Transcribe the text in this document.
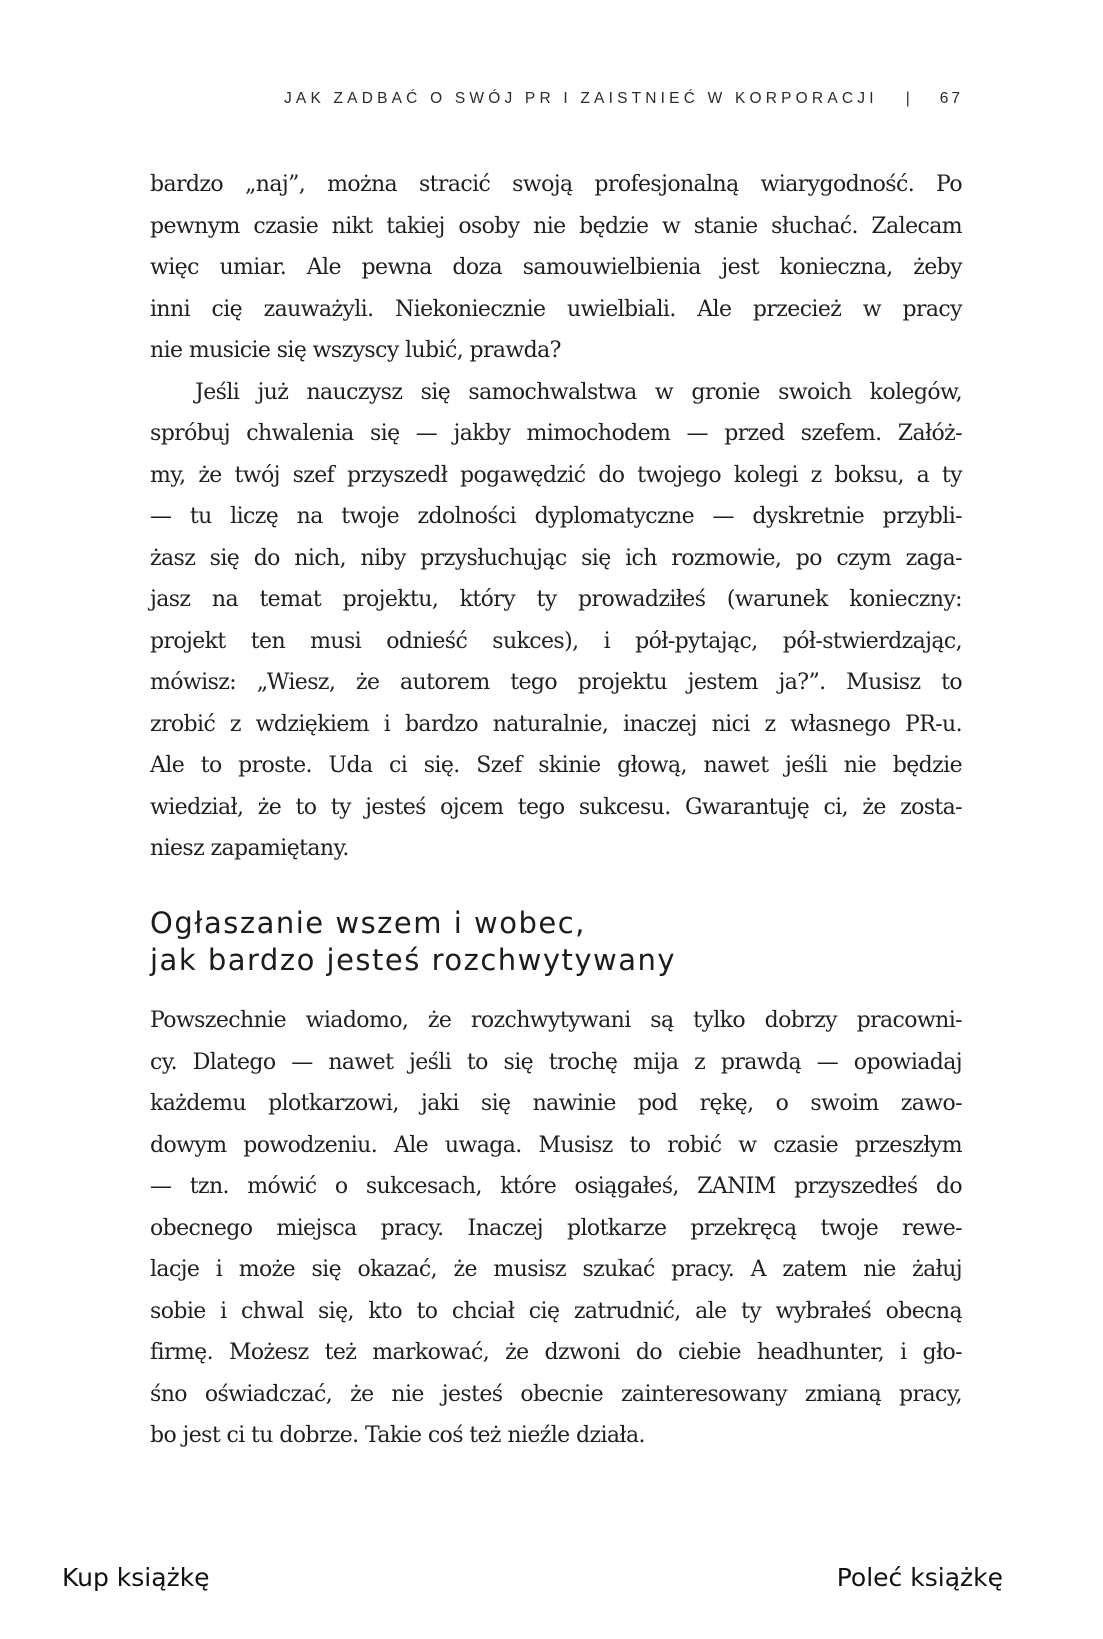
JAK ZADBAĆ O SWÓJ PR I ZAISTNIEĆ W KORPORACJI | 67
bardzo „naj”, można stracić swoją profesjonalną wiarygodność. Po
pewnym czasie nikt takiej osoby nie będzie w stanie słuchać. Zalecam
więc umiar. Ale pewna doza samouwielbienia jest konieczna, żeby
inni cię zauważyli. Niekoniecznie uwielbiali. Ale przecież w pracy
nie musicie się wszyscy lubić, prawda?
Jeśli już nauczysz się samochwalstwa w gronie swoich kolegów,
spróbuj chwalenia się — jakby mimochodem — przed szefem. Załóż-
my, że twój szef przyszedł pogawędzić do twojego kolegi z boksu, a ty
— tu liczę na twoje zdolności dyplomatyczne — dyskretnie przybli-
żasz się do nich, niby przysłuchując się ich rozmowie, po czym zaga-
jasz na temat projektu, który ty prowadziłeś (warunek konieczny:
projekt ten musi odnieść sukces), i pół-pytając, pół-stwierdzając,
mówisz: „Wiesz, że autorem tego projektu jestem ja?”. Musisz to
zrobić z wdziękiem i bardzo naturalnie, inaczej nici z własnego PR-u.
Ale to proste. Uda ci się. Szef skinie głową, nawet jeśli nie będzie
wiedział, że to ty jesteś ojcem tego sukcesu. Gwarantuję ci, że zosta-
niesz zapamiętany.
Ogłaszanie wszem i wobec,
jak bardzo jesteś rozchwytywany
Powszechnie wiadomo, że rozchwytywani są tylko dobrzy pracowni-
cy. Dlatego — nawet jeśli to się trochę mija z prawdą — opowiadaj
każdemu plotkarzowi, jaki się nawinie pod rękę, o swoim zawo-
dowym powodzeniu. Ale uwaga. Musisz to robić w czasie przeszłym
— tzn. mówić o sukcesach, które osiągałeś, ZANIM przyszedłeś do
obecnego miejsca pracy. Inaczej plotkarze przekręcą twoje rewe-
lacje i może się okazać, że musisz szukać pracy. A zatem nie żałuj
sobie i chwal się, kto to chciał cię zatrudnić, ale ty wybrałeś obecną
firmę. Możesz też markować, że dzwoni do ciebie headhunter, i gło-
śno oświadczać, że nie jesteś obecnie zainteresowany zmianą pracy,
bo jest ci tu dobrze. Takie coś też nieźle działa.
Kup książkę	Poleć książkę
